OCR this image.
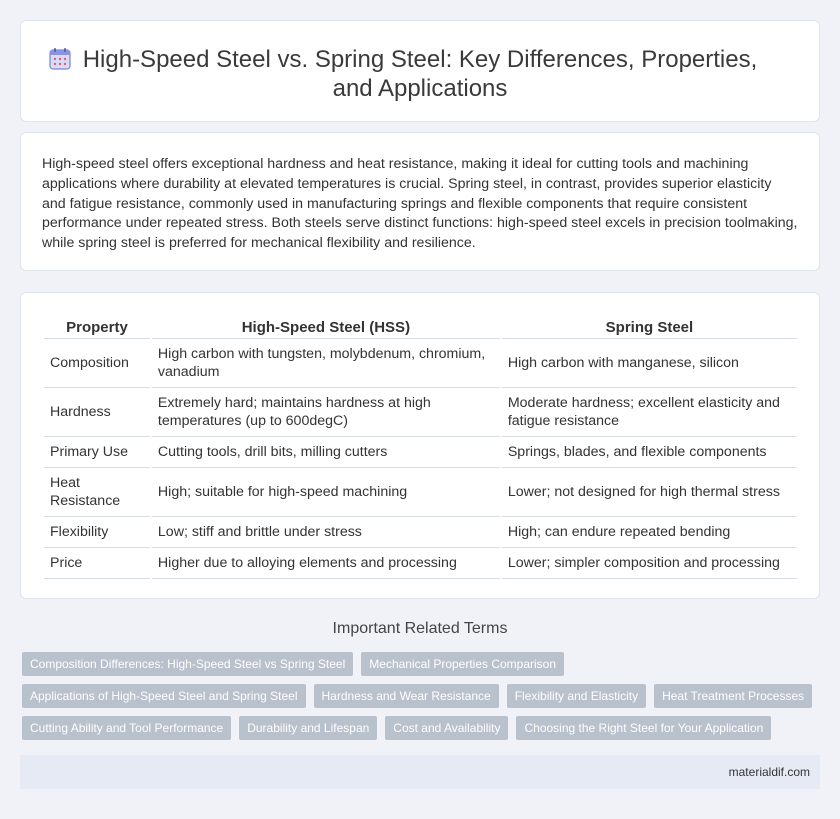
High-Speed Steel vs. Spring Steel: Key Differences, Properties, and Applications

High-speed steel offers exceptional hardness and heat resistance, making it ideal for cutting tools and machining applications where durability at elevated temperatures is crucial. Spring steel, in contrast, provides superior elasticity and fatigue resistance, commonly used in manufacturing springs and flexible components that require consistent performance under repeated stress. Both steels serve distinct functions: high-speed steel excels in precision toolmaking, while spring steel is preferred for mechanical flexibility and resilience.

Property	High-Speed Steel (HSS)	Spring Steel
Composition	High carbon with tungsten, molybdenum, chromium, vanadium	High carbon with manganese, silicon
Hardness	Extremely hard; maintains hardness at high temperatures (up to 600degC)	Moderate hardness; excellent elasticity and fatigue resistance
Primary Use	Cutting tools, drill bits, milling cutters	Springs, blades, and flexible components
Heat Resistance	High; suitable for high-speed machining	Lower; not designed for high thermal stress
Flexibility	Low; stiff and brittle under stress	High; can endure repeated bending
Price	Higher due to alloying elements and processing	Lower; simpler composition and processing
Important Related Terms
Composition Differences: High-Speed Steel vs Spring Steel	Mechanical Properties Comparison
Applications of High-Speed Steel and Spring Steel	Hardness and Wear Resistance	Flexibility and Elasticity	Heat Treatment Processes
Cutting Ability and Tool Performance	Durability and Lifespan	Cost and Availability	Choosing the Right Steel for Your Application
materialdif.com
